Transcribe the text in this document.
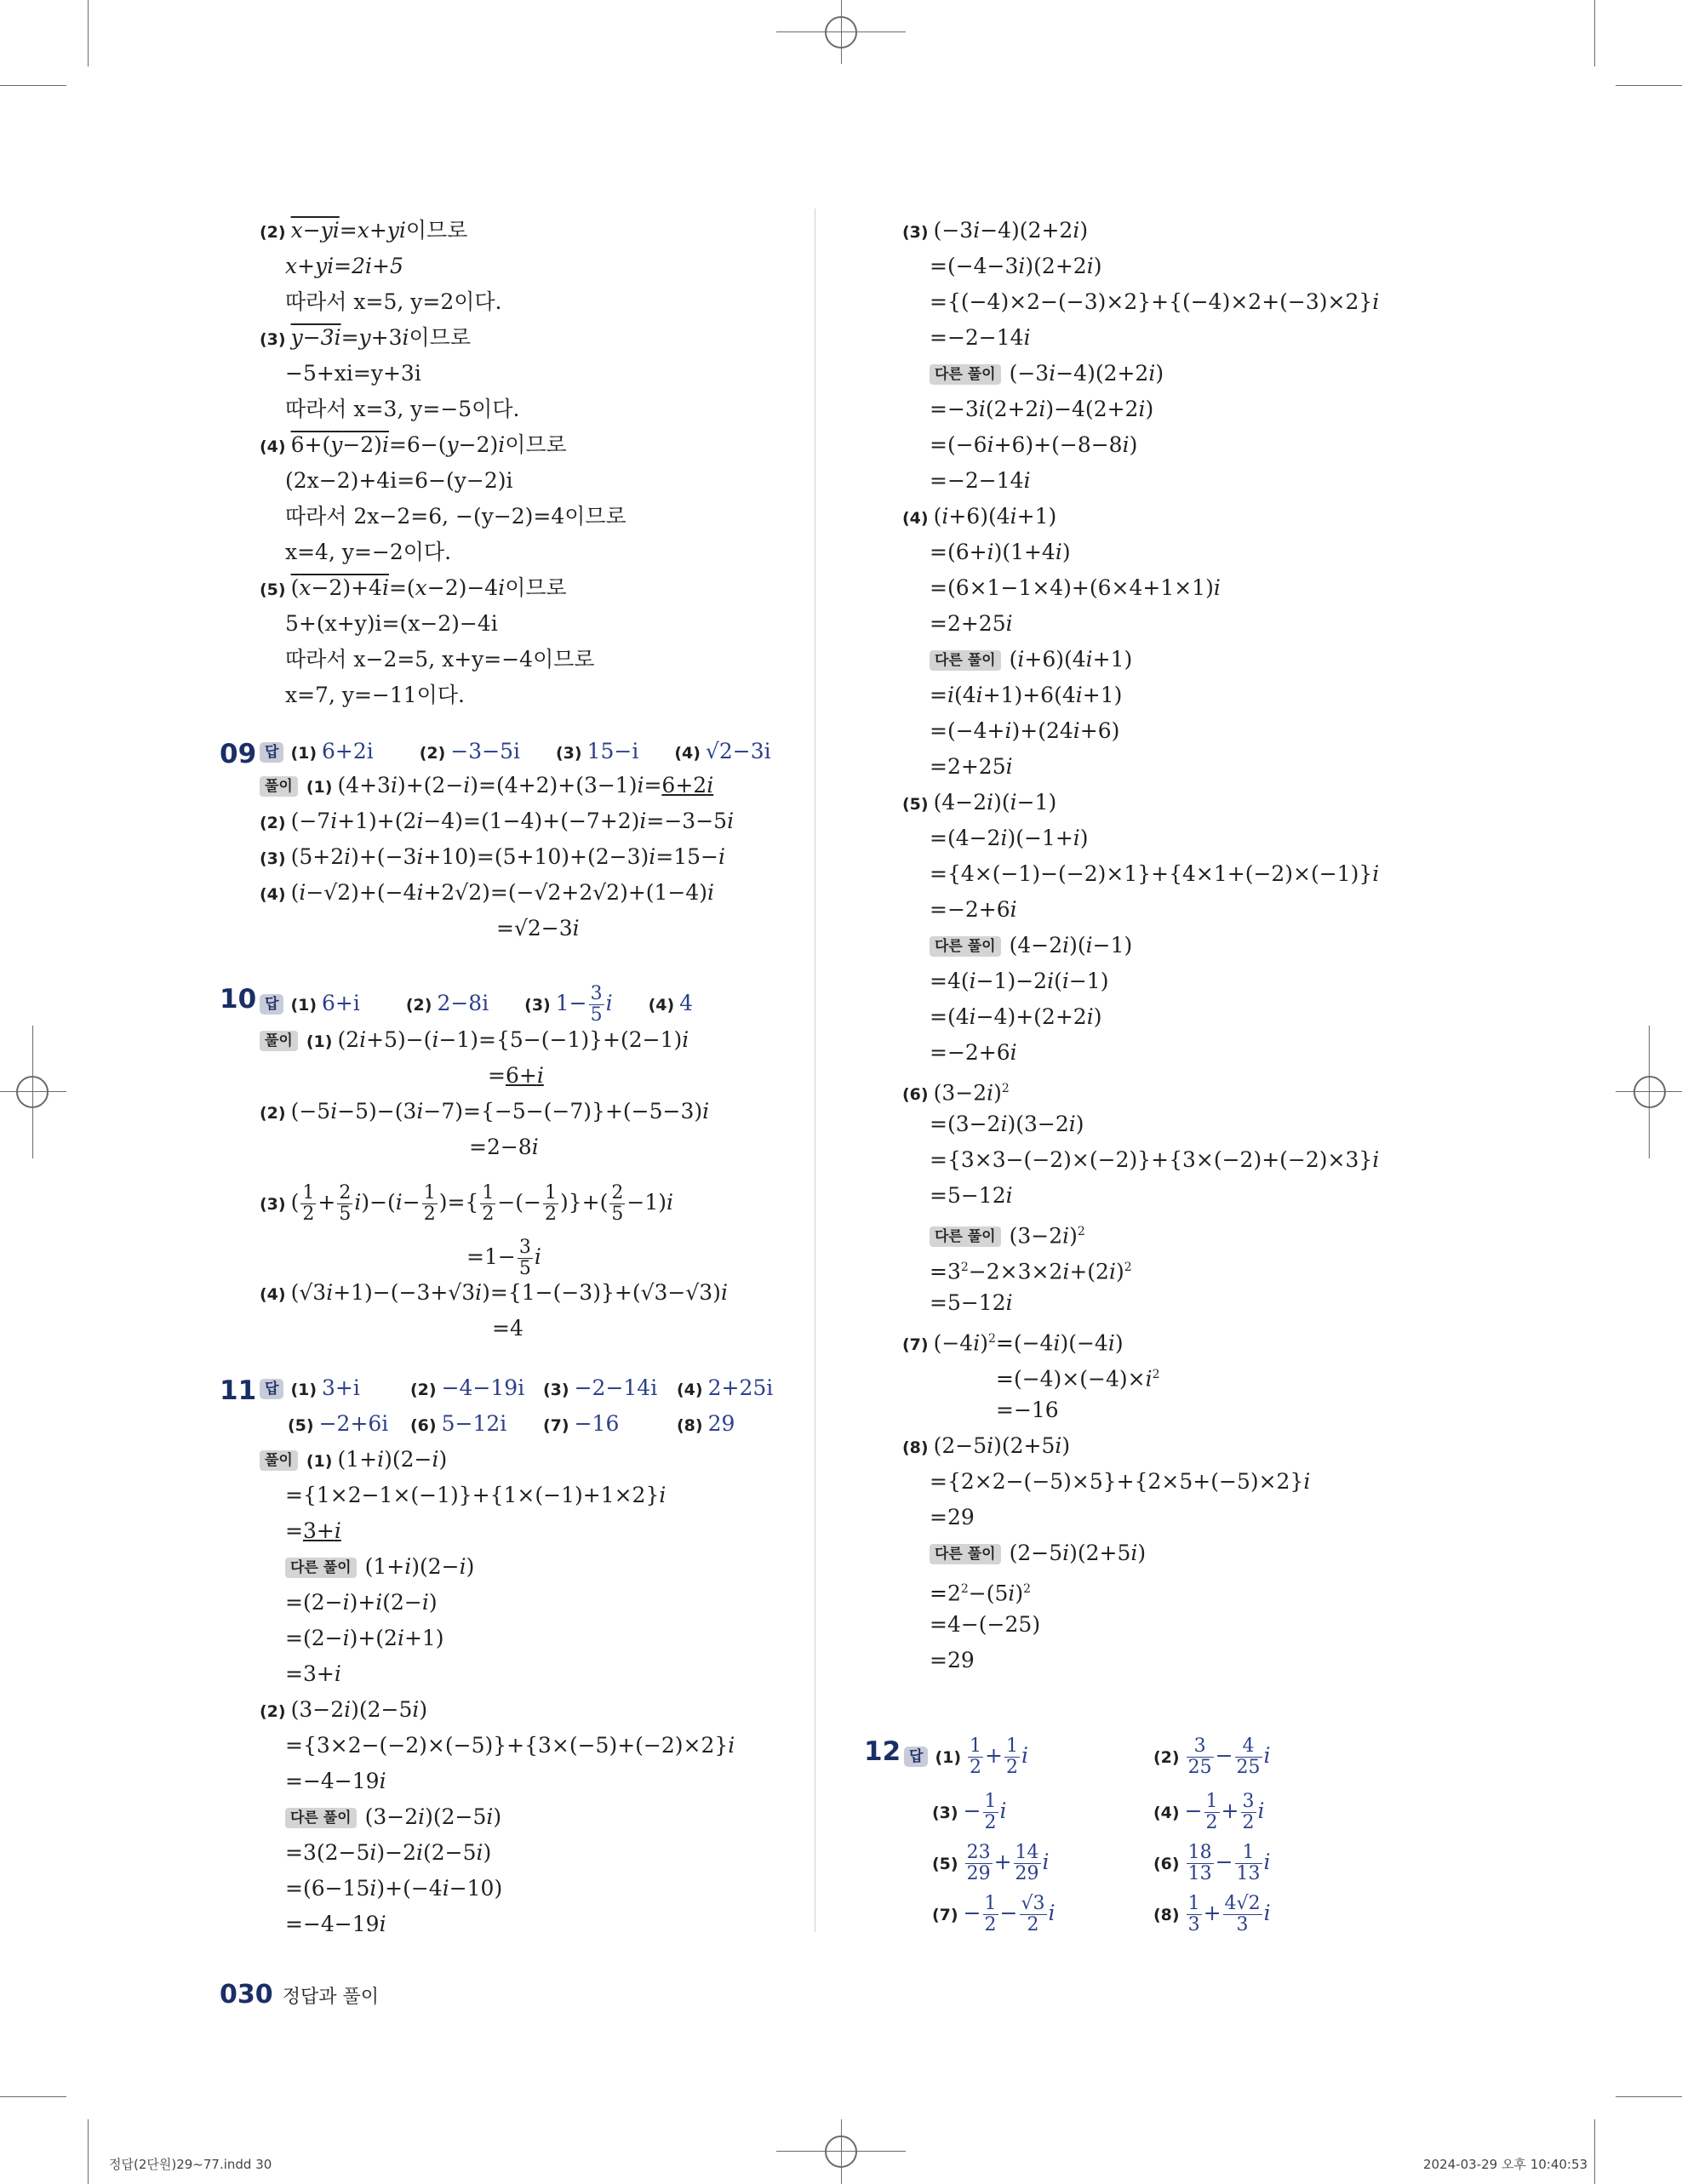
(2) x−yi=x+yi이므로
x+yi=2i+5
따라서 x=5, y=2이다.
(3) y−3i=y+3i이므로
−5+xi=y+3i
따라서 x=3, y=−5이다.
(4) 6+(y−2)i=6−(y−2)i이므로
(2x−2)+4i=6−(y−2)i
따라서 2x−2=6, −(y−2)=4이므로
x=4, y=−2이다.
(5) (x−2)+4i=(x−2)−4i이므로
5+(x+y)i=(x−2)−4i
따라서 x−2=5, x+y=−4이므로
x=7, y=−11이다.
09 답 (1) 6+2i	(2) −3−5i (3) 15−i (4) √2−3i
풀이 (1) (4+3i)+(2−i)=(4+2)+(3−1)i=6+2i
(2) (−7i+1)+(2i−4)=(1−4)+(−7+2)i=−3−5i
(3) (5+2i)+(−3i+10)=(5+10)+(2−3)i=15−i
(4) (i−√2)+(−4i+2√2)=(−√2+2√2)+(1−4)i
=√2−3i
10 답 (1) 6+i	(2) 2−8i (3) $1- \frac{3}{5}$ i (4) 4
풀이 (1) (2i+5)−(i−1)={5−(−1)}+(2−1)i
=6+i
(2) (−5i−5)−(3i−7)={−5−(−7)}+(−5−3)i
=2−8i
(3) ( $\frac{1}{2} + \frac{2}{5} i)-(i- \frac{1}{2}$ )={ $\frac{1}{2}$ −(− $\frac{1}{2}$ )}+( $\frac{2}{5} -1)i$
$=1- \frac{3}{5}$ i
(4) (√3i+1)−(−3+√3i)={1−(−3)}+(√3−√3)i
=4
11 답 (1) 3+i	(2) −4−19i (3) −2−14i (4) 2+25i
(5) −2+6i (6) 5−12i (7) −16	(8) 29
풀이 (1) (1+i)(2−i)
={1×2−1×(−1)}+{1×(−1)+1×2}i
=3+i
다른 풀이 (1+i)(2−i)
=(2−i)+i(2−i)
=(2−i)+(2i+1)
=3+i
(2) (3−2i)(2−5i)
={3×2−(−2)×(−5)}+{3×(−5)+(−2)×2}i
=−4−19i
다른 풀이 (3−2i)(2−5i)
=3(2−5i)−2i(2−5i)
=(6−15i)+(−4i−10)
=−4−19i
(3) (−3i−4)(2+2i)
=(−4−3i)(2+2i)
={(−4)×2−(−3)×2}+{(−4)×2+(−3)×2}i
=−2−14i
다른 풀이 (−3i−4)(2+2i)
=−3i(2+2i)−4(2+2i)
=(−6i+6)+(−8−8i)
=−2−14i
(4) (i+6)(4i+1)
=(6+i)(1+4i)
=(6×1−1×4)+(6×4+1×1)i
=2+25i
다른 풀이 (i+6)(4i+1)
=i(4i+1)+6(4i+1)
=(−4+i)+(24i+6)
=2+25i
(5) (4−2i)(i−1)
=(4−2i)(−1+i)
={4×(−1)−(−2)×1}+{4×1+(−2)×(−1)}i
=−2+6i
다른 풀이 (4−2i)(i−1)
=4(i−1)−2i(i−1)
=(4i−4)+(2+2i)
=−2+6i
(6) $(3-2i)^2$
=(3−2i)(3−2i)
={3×3−(−2)×(−2)}+{3×(−2)+(−2)×3}i
=5−12i
다른 풀이 $(3-2i)^2$
$=3^2-2\times 3\times 2i+(2i)^2$
=5−12i
(7) $(-4i)^2=(-4i)(-4i)$
$=(-4)\times(-4)\times i^2$
=−16
(8) (2−5i)(2+5i)
={2×2−(−5)×5}+{2×5+(−5)×2}i
=29
다른 풀이 (2−5i)(2+5i)
$=2^2-(5i)^2$
=4−(−25)
=29
12 답 $(1) \frac{1}{2} + \frac{1}{2}$ i	$(2) \frac{3}{25} - \frac{4}{25}$ i
$(3) - \frac{1}{2}$ i	$(4) - \frac{1}{2} + \frac{3}{2}$ i
$(5) \frac{23}{29} + \frac{14}{29}$ i	$(6) \frac{18}{13} - \frac{1}{13}$ i
$(7) - \frac{1}{2} - \frac{√3}{2}$ i	$(8) \frac{1}{3} + \frac{4√2}{3}$ i
030 정답과 풀이
정답(2단원)29~77.indd 30	2024-03-29 오후 10:40:53
